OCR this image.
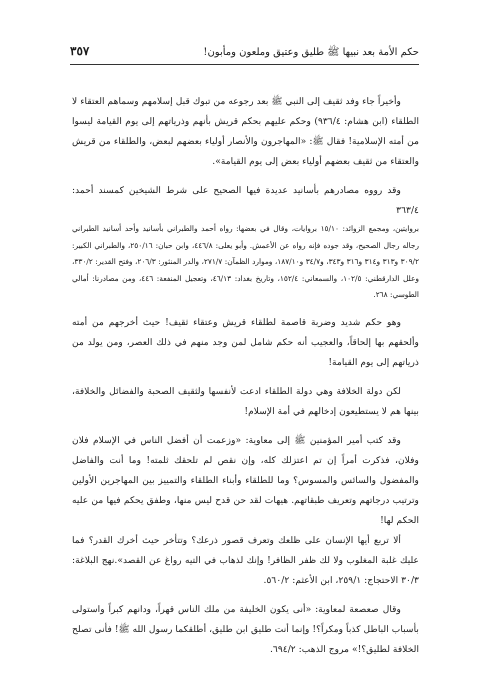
حكم الأمة بعد نبيها ﷺ طليق وعتيق وملعون ومأبون!
٣٥٧

وأخيراً جاء وفد ثقيف إلى النبي ﷺ بعد رجوعه من تبوك قبل إسلامهم وسماهم العتقاء لا الطلقاء (ابن هشام: ٩٣٦/٤) وحكم عليهم بحكم قريش بأنهم وذرياتهم إلى يوم القيامة ليسوا من أمته الإسلامية! فقال ﷺ: «المهاجرون والأنصار أولياء بعضهم لبعض، والطلقاء من قريش والعتقاء من ثقيف بعضهم أولياء بعض إلى يوم القيامة».

وقد رووه مصادرهم بأسانيد عديدة فيها الصحيح على شرط الشيخين كمسند أحمد: ٣٦٣/٤

بروايتين، ومجمع الزوائد: ١٥/١٠ بروايات، وقال في بعضها: رواه أحمد والطبراني بأسانيد وأحد أسانيد الطبراني رجاله رجال الصحيح، وقد جوده فإنه رواه عن الأعمش. وأبو يعلى: ٤٤٦/٨، وابن حبان: ٢٥٠/١٦، والطبراني الكبير: ٣٠٩/٢ و٣١٣ و٣١٤ و٣١٦ و٣٤٣، و٣٤/٧ و١٨٧/١٠، وموارد الظمآن: ٢٧١/٧، والدر المنثور: ٢٠٦/٣، وفتح القدير: ٣٣٠/٢، وعلل الدارقطني: ١٠٢/٥، والسمعاني: ١٥٢/٤، وتاريخ بغداد: ٤٦/١٣، وتعجيل المنفعة: ٤٤٦، ومن مصادرنا: أمالي الطوسي: ٢٦٨.

وهو حكم شديد وضربة قاصمة لطلقاء قريش وعتقاء ثقيف! حيث أخرجهم من أمته وألحقهم بها إلحاقاً، والعجيب أنه حكم شامل لمن وجد منهم في ذلك العصر، ومن يولد من ذرياتهم إلى يوم القيامة!

لكن دولة الخلافة وهي دولة الطلقاء ادعت لأنفسها ولثقيف الصحبة والفضائل والخلافة، بينها هم لا يستطيعون إدخالهم في أمة الإسلام!

وقد كتب أمير المؤمنين ﷺ إلى معاوية: «وزعمت أن أفضل الناس في الإسلام فلان وفلان، فذكرت أمراً إن تم اعتزلك كله، وإن نقص لم تلحقك ثلمته! وما أنت والفاضل والمفضول والسائس والمسوس؟ وما للطلقاء وأبناء الطلقاء والتمييز بين المهاجرين الأولين وترتيب درجاتهم وتعريف طبقاتهم. هيهات لقد حن قدح ليس منها، وطفق يحكم فيها من عليه الحكم لها!

ألا تربع أيها الإنسان على ظلعك وتعرف قصور ذرعك؟ وتتأخر حيث أخرك القدر؟ فما عليك غلبة المغلوب ولا لك ظفر الظافر! وإنك لذهاب في التيه رواغ عن القصد».نهج البلاغة: ٣٠/٣ الاحتجاج: ٢٥٩/١، ابن الأعثم: ٥٦٠/٢.

وقال صعصعة لمعاوية: «أنى يكون الخليفة من ملك الناس قهراً، ودانهم كبراً واستولى بأسباب الباطل كذباً ومكراً؟! وإنما أنت طليق ابن طليق، أطلقكما رسول الله ﷺ! فأنى تصلح الخلافة لطليق؟!» مروج الذهب: ٦٩٤/٢.
